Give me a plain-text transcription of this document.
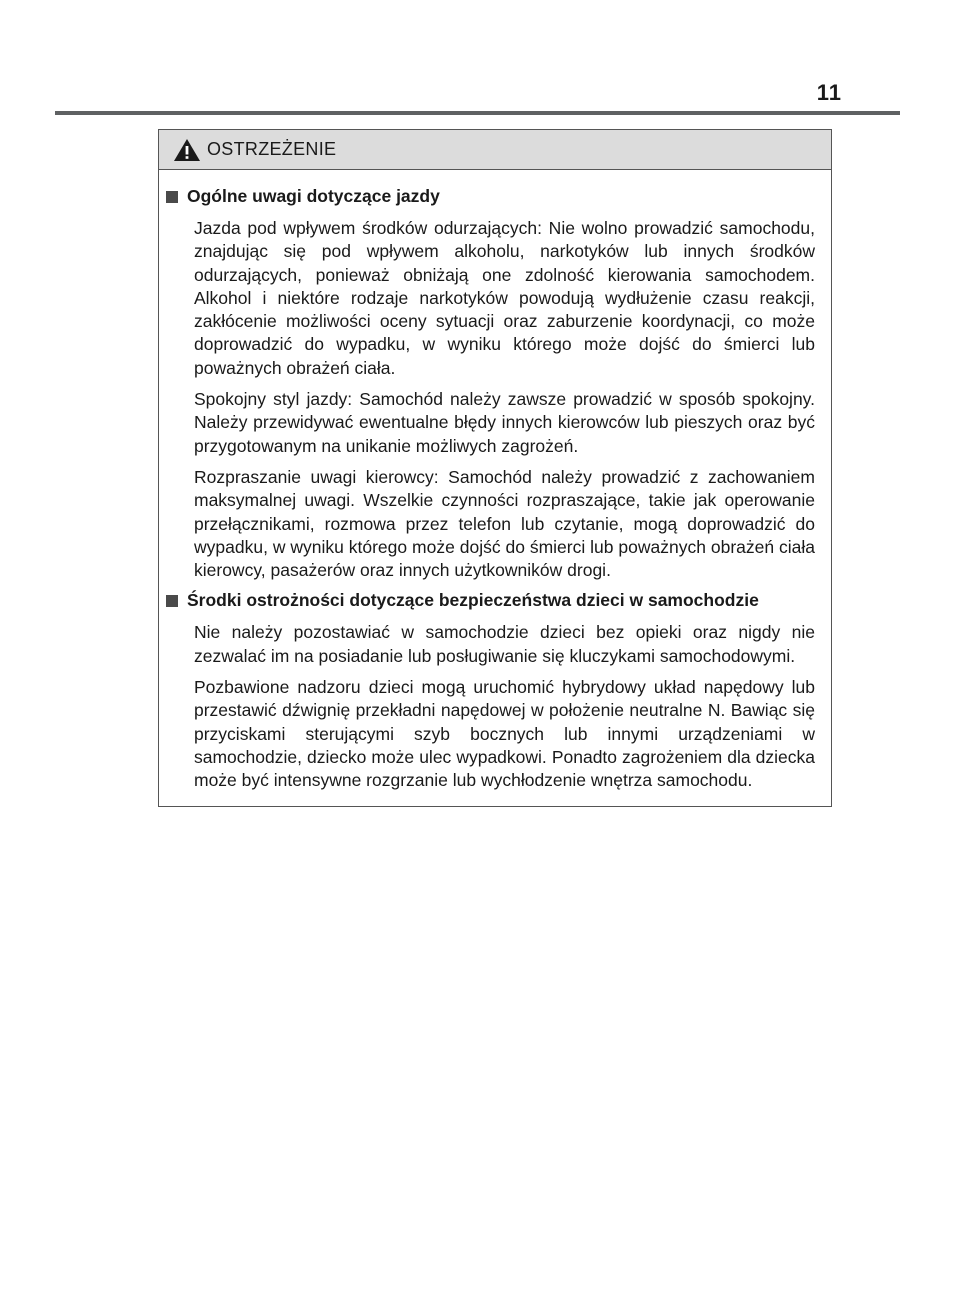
11
OSTRZEŻENIE
Ogólne uwagi dotyczące jazdy

Jazda pod wpływem środków odurzających: Nie wolno prowadzić samochodu, znajdując się pod wpływem alkoholu, narkotyków lub innych środków odurzających, ponieważ obniżają one zdolność kierowania samochodem. Alkohol i niektóre rodzaje narkotyków powodują wydłużenie czasu reakcji, zakłócenie możliwości oceny sytuacji oraz zaburzenie koordynacji, co może doprowadzić do wypadku, w wyniku którego może dojść do śmierci lub poważnych obrażeń ciała.

Spokojny styl jazdy: Samochód należy zawsze prowadzić w sposób spokojny. Należy przewidywać ewentualne błędy innych kierowców lub pieszych oraz być przygotowanym na unikanie możliwych zagrożeń.

Rozpraszanie uwagi kierowcy: Samochód należy prowadzić z zachowaniem maksymalnej uwagi. Wszelkie czynności rozpraszające, takie jak operowanie przełącznikami, rozmowa przez telefon lub czytanie, mogą doprowadzić do wypadku, w wyniku którego może dojść do śmierci lub poważnych obrażeń ciała kierowcy, pasażerów oraz innych użytkowników drogi.

Środki ostrożności dotyczące bezpieczeństwa dzieci w samochodzie

Nie należy pozostawiać w samochodzie dzieci bez opieki oraz nigdy nie zezwalać im na posiadanie lub posługiwanie się kluczykami samochodowymi.

Pozbawione nadzoru dzieci mogą uruchomić hybrydowy układ napędowy lub przestawić dźwignię przekładni napędowej w położenie neutralne N. Bawiąc się przyciskami sterującymi szyb bocznych lub innymi urządzeniami w samochodzie, dziecko może ulec wypadkowi. Ponadto zagrożeniem dla dziecka może być intensywne rozgrzanie lub wychłodzenie wnętrza samochodu.
